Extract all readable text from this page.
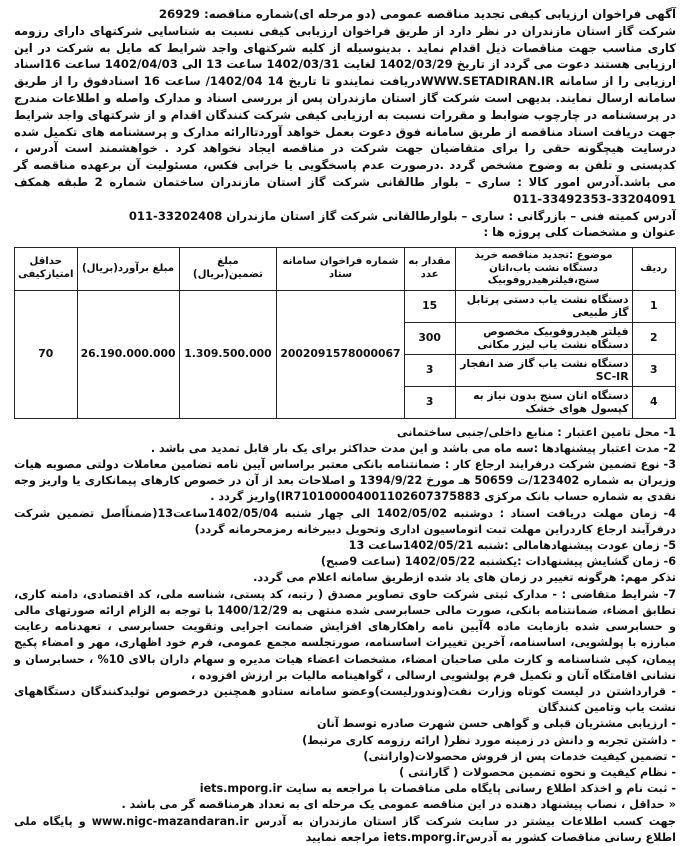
آگهی فراخوان ارزیابی کیفی تجدید مناقصه عمومی (دو مرحله ای)شماره مناقصه: 26929

شرکت گاز استان مازندران در نظر دارد از طریق فراخوان ارزیابی کیفی نسبت به شناسایی شرکتهای دارای رزومه کاری مناسب جهت مناقصات ذیل اقدام نماید . بدینوسیله از کلیه شرکتهای واجد شرایط که مایل به شرکت در این ارزیابی هستند دعوت می گردد از تاریخ 1402/03/29 لغایت 1402/03/31 ساعت 13 الی 1402/04/03 ساعت 16اسناد ارزیابی را از سامانه WWW.SETADIRAN.IRدریافت نمایندو تا تاریخ 14 1402/04/ ساعت 16 اسنادفوق را از طریق سامانه ارسال نمایند. بدیهی است شرکت گاز استان مازندران پس از بررسی اسناد و مدارک واصله و اطلاعات مندرج در پرسشنامه در چارچوب ضوابط و مقررات نسبت به ارزیابی کیفی شرکت کنندگان اقدام و از شرکتهای واجد شرایط جهت دریافت اسناد مناقصه از طریق سامانه فوق دعوت بعمل خواهد آوردتاارائه مدارک و پرسشنامه های تکمیل شده درسایت هیچگونه حقی را برای متقاضیان جهت شرکت در مناقصه ایجاد نخواهد کرد . خواهشمند است آدرس ، کدپستی و تلفن به وضوح مشخص گردد .درصورت عدم پاسخگویی یا خرابی فکس، مسئولیت آن برعهده مناقصه گر می باشد.آدرس امور کالا : ساری – بلوار طالقانی شرکت گاز استان مازندران ساختمان شماره 2 طبقه همکف 33204091-33492353-011

آدرس کمیته فنی – بازرگانی : ساری – بلوارطالقانی شرکت گاز استان مازندران 33202408-011

عنوان و مشخصات کلی پروژه ها :

ردیف	موضوع :تجدید مناقصه خرید دستگاه نشت یاب،اتان سنج،فیلترهیدروفوبیک	مقدار به عدد	شماره فراخوان سامانه ستاد	مبلغ تضمین(بریال)	مبلغ برآورد(بریال)	حداقل امتیازکیفی
1	دستگاه نشت یاب دستی پرتابل گاز طبیعی	15	2002091578000067	1.309.500.000	26.190.000.000	70
2	فیلتر هیدروفوبیک مخصوص دستگاه نشت یاب لیزر مکانی	300				
3	دستگاه نشت یاب گاز ضد انفجار SC-IR	3				
4	دستگاه اتان سنج بدون نیاز به کپسول هوای خشک	3				

1- محل تامین اعتبار : منابع داخلی/جنبی ساختمانی

2- مدت اعتبار پیشنهادها :سه ماه می باشد و این مدت حداکثر برای یک بار قابل تمدید می باشد .

3- نوع تضمین شرکت درفرایند ارجاع کار : ضمانتنامه بانکی معتبر براساس آیین نامه تضامین معاملات دولتی مصوبه هیات وزیران به شماره 123402/ت 50659 هـ مورخ 1394/9/22 و اصلاحات بعد از آن در خصوص کارهای پیمانکاری یا واریز وجه نقدی به شماره حساب بانک مرکزی IR710100004001102607375883)واریز گردد .

4- زمان مهلت دریافت اسناد : دوشنبه 1402/05/02 الی چهار شنبه 1402/05/04ساعت13(ضمناًاصل تضمین شرکت درفرآیند ارجاع کاردراین مهلت تبت اتوماسیون اداری وتحویل دبیرخانه رمزمحرمانه گردد)

5- زمان عودت پیشنهادهامالی :شنبه 1402/05/21ساعت 13

6- زمان گشایش پیشنهادات :یکشنبه 1402/05/22 (ساعت 9صبح)

تذکر مهم: هرگونه تغییر در زمان های یاد شده ازطریق سامانه اعلام می گردد.

7- شرایط متقاضی : - مدارک ثبتی شرکت حاوی تصاویر مصدق ( رتبه، کد پستی، شناسه ملی، کد اقتصادی، دامنه کاری، تطابق امضاء، ضمانتنامه بانکی، صورت مالی حسابرسی شده منتهی به 1400/12/29 با توجه به الزام ارائه صورتهای مالی و حسابرسی شده بازمایت ماده 4آیین نامه راهکارهای افزایش ضمانت اجرایی وتقویت حسابرسی ، تعهدنامه رعایت مبارزه با پولشویی، اساسنامه، آخرین تغییرات اساسنامه، صورتجلسه مجمع عمومی، فرم خود اظهاری، مهر و امضاء پکیج پیمان، کپی شناسنامه و کارت ملی صاحبان امضاء، مشخصات اعضاء هیات مدیره و سهام داران بالای 10% ، حسابرسان و نشانی اقامتگاه آنان و تکمیل فرم پولشویی ارسالی ، گواهینامه مالیات بر ارزش افزوده ،

- قرارداشتن در لیست کوتاه وزارت نفت(وندورلیست)وعضو سامانه ستادو همچنین درخصوص تولیدکنندگان دستگاههای نشت یاب وتامین کنندگان

- ارزیابی مشتریان قبلی و گواهی حسن شهرت صادره توسط آنان

- داشتن تجربه و دانش در زمینه مورد نظر( ارائه رزومه کاری مرتبط)

- تضمین کیفیت خدمات پس از فروش محصولات(وارانتی)

- نظام کیفیت و نحوه تضمین محصولات ( گارانتی )

- ثبت نام و اخذکد اطلاع رسانی پایگاه ملی مناقصات با مراجعه به سایت iets.mporg.ir

« حداقل ، نصاب پیشنهاد دهنده در این مناقصه عمومی یک مرحله ای به تعداد هرمناقصه گر می باشد .

جهت کسب اطلاعات بیشتر در سایت شرکت گاز استان مازندران به آدرس www.nigc-mazandaran.ir و پایگاه ملی اطلاع رسانی مناقصات کشور به آدرسiets.mporg.ir مراجعه نمایید
